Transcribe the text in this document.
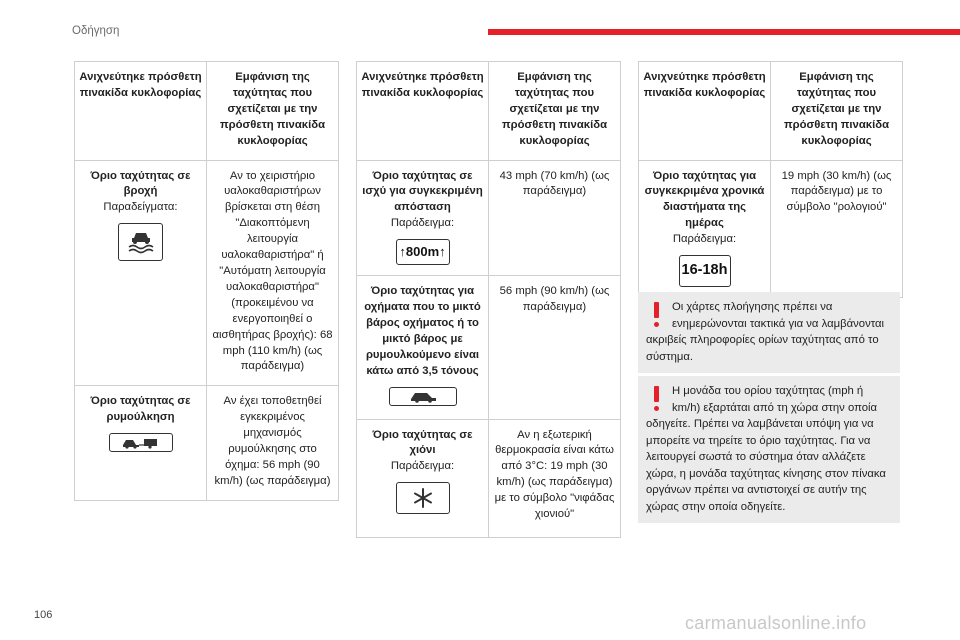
Οδήγηση
Ανιχνεύτηκε πρόσθετη πινακίδα κυκλοφορίας	Εμφάνιση της ταχύτητας που σχετίζεται με την πρόσθετη πινακίδα κυκλοφορίας

Όριο ταχύτητας σε βροχή
Παραδείγματα:	Αν το χειριστήριο υαλοκαθαριστήρων βρίσκεται στη θέση "Διακοπτόμενη λειτουργία υαλοκαθαριστήρα" ή "Αυτόματη λειτουργία υαλοκαθαριστήρα" (προκειμένου να ενεργοποιηθεί ο αισθητήρας βροχής): 68 mph (110 km/h) (ως παράδειγμα)

Όριο ταχύτητας σε ρυμούλκηση	Αν έχει τοποθετηθεί εγκεκριμένος μηχανισμός ρυμούλκησης στο όχημα: 56 mph (90 km/h) (ως παράδειγμα)
Ανιχνεύτηκε πρόσθετη πινακίδα κυκλοφορίας	Εμφάνιση της ταχύτητας που σχετίζεται με την πρόσθετη πινακίδα κυκλοφορίας

Όριο ταχύτητας σε ισχύ για συγκεκριμένη απόσταση
Παράδειγμα:
↑ 800m ↑	43 mph (70 km/h) (ως παράδειγμα)

Όριο ταχύτητας για οχήματα που το μικτό βάρος οχήματος ή το μικτό βάρος με ρυμουλκούμενο είναι κάτω από 3,5 τόνους	56 mph (90 km/h) (ως παράδειγμα)

Όριο ταχύτητας σε χιόνι
Παράδειγμα:	Αν η εξωτερική θερμοκρασία είναι κάτω από 3°C: 19 mph (30 km/h) (ως παράδειγμα) με το σύμβολο "νιφάδας χιονιού"
Ανιχνεύτηκε πρόσθετη πινακίδα κυκλοφορίας	Εμφάνιση της ταχύτητας που σχετίζεται με την πρόσθετη πινακίδα κυκλοφορίας

Όριο ταχύτητας για συγκεκριμένα χρονικά διαστήματα της ημέρας
Παράδειγμα:
16-18h	19 mph (30 km/h) (ως παράδειγμα) με το σύμβολο "ρολογιού"

Οι χάρτες πλοήγησης πρέπει να ενημερώνονται τακτικά για να λαμβάνονται ακριβείς πληροφορίες ορίων ταχύτητας από το σύστημα.

Η μονάδα του ορίου ταχύτητας (mph ή km/h) εξαρτάται από τη χώρα στην οποία οδηγείτε. Πρέπει να λαμβάνεται υπόψη για να μπορείτε να τηρείτε το όριο ταχύτητας. Για να λειτουργεί σωστά το σύστημα όταν αλλάζετε χώρα, η μονάδα ταχύτητας κίνησης στον πίνακα οργάνων πρέπει να αντιστοιχεί σε αυτήν της χώρας στην οποία οδηγείτε.

106	carmanualsonline.info
